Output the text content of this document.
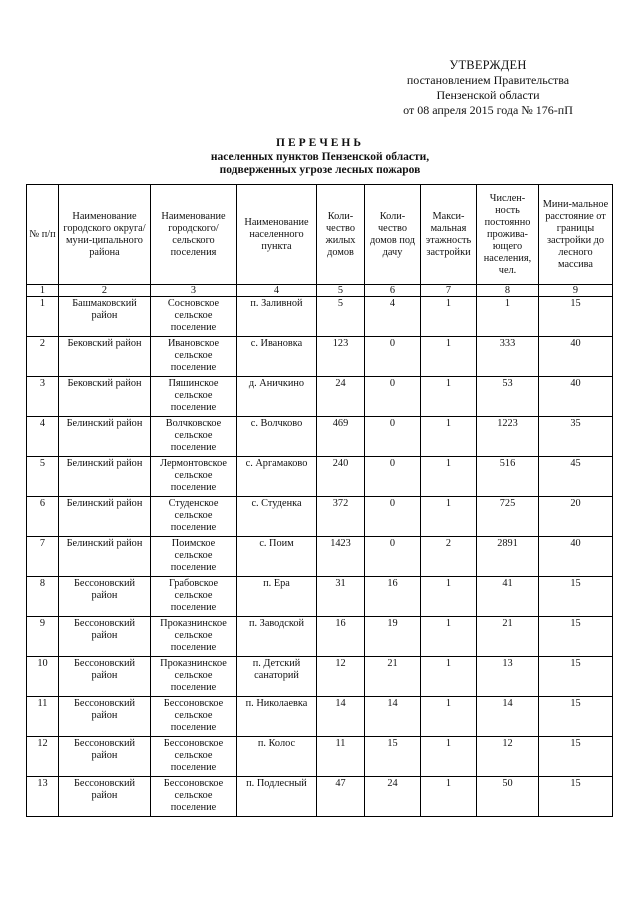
УТВЕРЖДЕН
постановлением Правительства
Пензенской области
от 08 апреля 2015 года № 176-пП
ПЕРЕЧЕНЬ
населенных пунктов Пензенской области,
подверженных угрозе лесных пожаров
№ п/п	Наименование городского округа/муни-ципального района	Наименование городского/ сельского поселения	Наименование населенного пункта	Коли-чество жилых домов	Коли-чество домов под дачу	Макси-мальная этажность застройки	Числен-ность постоянно прожива-ющего населения, чел.	Мини-мальное расстояние от границы застройки до лесного массива
1	2	3	4	5	6	7	8	9
1	Башмаковский район	Сосновское сельское поселение	п. Заливной	5	4	1	1	15
2	Бековский район	Ивановское сельское поселение	с. Ивановка	123	0	1	333	40
3	Бековский район	Пяшинское сельское поселение	д. Аничкино	24	0	1	53	40
4	Белинский район	Волчковское сельское поселение	с. Волчково	469	0	1	1223	35
5	Белинский район	Лермонтовское сельское поселение	с. Аргамаково	240	0	1	516	45
6	Белинский район	Студенское сельское поселение	с. Студенка	372	0	1	725	20
7	Белинский район	Поимское сельское поселение	с. Поим	1423	0	2	2891	40
8	Бессоновский район	Грабовское сельское поселение	п. Ера	31	16	1	41	15
9	Бессоновский район	Проказнинское сельское поселение	п. Заводской	16	19	1	21	15
10	Бессоновский район	Проказнинское сельское поселение	п. Детский санаторий	12	21	1	13	15
11	Бессоновский район	Бессоновское сельское поселение	п. Николаевка	14	14	1	14	15
12	Бессоновский район	Бессоновское сельское поселение	п. Колос	11	15	1	12	15
13	Бессоновский район	Бессоновское сельское поселение	п. Подлесный	47	24	1	50	15
